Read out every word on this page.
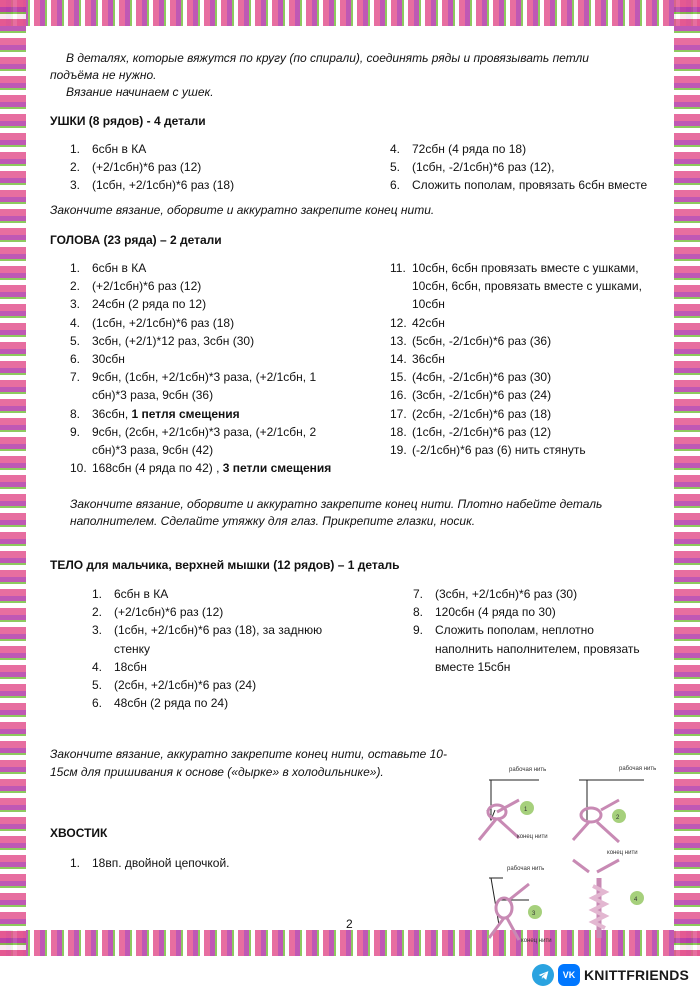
В деталях, которые вяжутся по кругу (по спирали), соединять ряды и провязывать петли
подъёма не нужно.
Вязание начинаем с ушек.
УШКИ (8 рядов) - 4 детали
1. 6сбн в КА
2. (+2/1сбн)*6 раз (12)
3. (1сбн, +2/1сбн)*6 раз (18)
4. 72сбн (4 ряда по 18)
5. (1сбн, -2/1сбн)*6 раз (12),
6. Сложить пополам, провязать 6сбн вместе
Закончите вязание, оборвите и аккуратно закрепите конец нити.
ГОЛОВА (23 ряда) – 2 детали
1. 6сбн в КА
2. (+2/1сбн)*6 раз (12)
3. 24сбн (2 ряда по 12)
4. (1сбн, +2/1сбн)*6 раз (18)
5. 3сбн, (+2/1)*12 раз, 3сбн (30)
6. 30сбн
7. 9сбн, (1сбн, +2/1сбн)*3 раза, (+2/1сбн, 1
сбн)*3 раза, 9сбн (36)
8. 36сбн, 1 петля смещения
9. 9сбн, (2сбн, +2/1сбн)*3 раза, (+2/1сбн, 2
сбн)*3 раза, 9сбн (42)
10. 168сбн (4 ряда по 42) , 3 петли смещения
11. 10сбн, 6сбн провязать вместе с ушками,
10сбн, 6сбн, провязать вместе с ушками,
10сбн
12. 42сбн
13. (5сбн, -2/1сбн)*6 раз (36)
14. 36сбн
15. (4сбн, -2/1сбн)*6 раз (30)
16. (3сбн, -2/1сбн)*6 раз (24)
17. (2сбн, -2/1сбн)*6 раз (18)
18. (1сбн, -2/1сбн)*6 раз (12)
19. (-2/1сбн)*6 раз (6) нить стянуть
Закончите вязание, оборвите и аккуратно закрепите конец нити. Плотно набейте деталь
наполнителем. Сделайте утяжку для глаз. Прикрепите глазки, носик.
ТЕЛО для мальчика, верхней мышки (12 рядов) – 1 деталь
1. 6сбн в КА
2. (+2/1сбн)*6 раз (12)
3. (1сбн, +2/1сбн)*6 раз (18), за заднюю
стенку
4. 18сбн
5. (2сбн, +2/1сбн)*6 раз (24)
6. 48сбн (2 ряда по 24)
7. (3сбн, +2/1сбн)*6 раз (30)
8. 120сбн (4 ряда по 30)
9. Сложить пополам, неплотно
наполнить наполнителем, провязать
вместе 15сбн
Закончите вязание, аккуратно закрепите конец нити, оставьте 10-
15см для пришивания к основе («дырке» в холодильнике»).
ХВОСТИК
1. 18вп. двойной цепочкой.
1
рабочая нить
конец нити
2
рабочая нить
конец нити
3
рабочая нить
конец нити
4
2
VK KNITTFRIENDS
